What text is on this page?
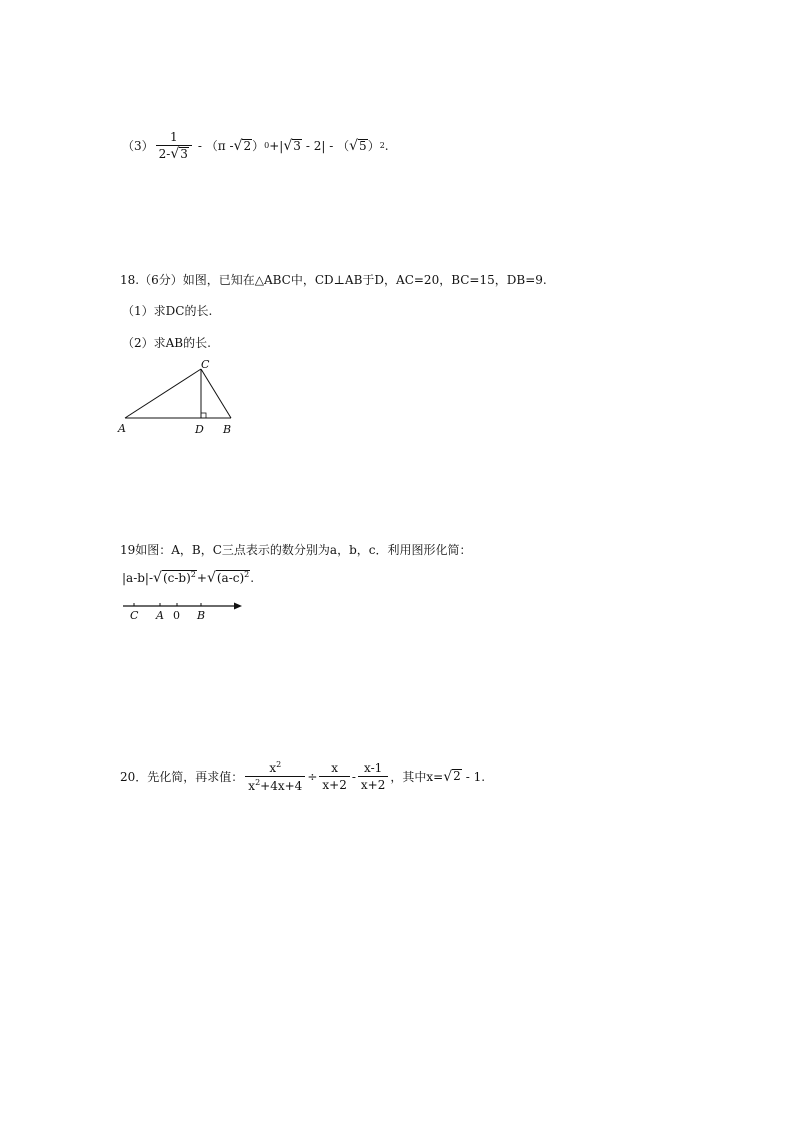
$(3) \frac{1}{2- √ 3} - (\pi$ - √ 2 ） 0 +| √ 3 - 2| - （ √ 5 ） 2 .
18.（6分）如图，已知在△ABC中，CD⊥AB于D，AC=20，BC=15，DB=9.
（1）求DC的长.
（2）求AB的长.
C
A	D B
19如图：A，B，C三点表示的数分别为a，b，c．利用图形化简：
|a-b|- √ $(c-b)^2$ + √ $(a-c)^2$ .
C A 0 B
20．先化简，再求值： $\frac{x^2}{x^2+4x+4} \div \frac{x}{x+2} - \frac{x-1}{x+2}$ ，其中x= √ 2 - 1.
